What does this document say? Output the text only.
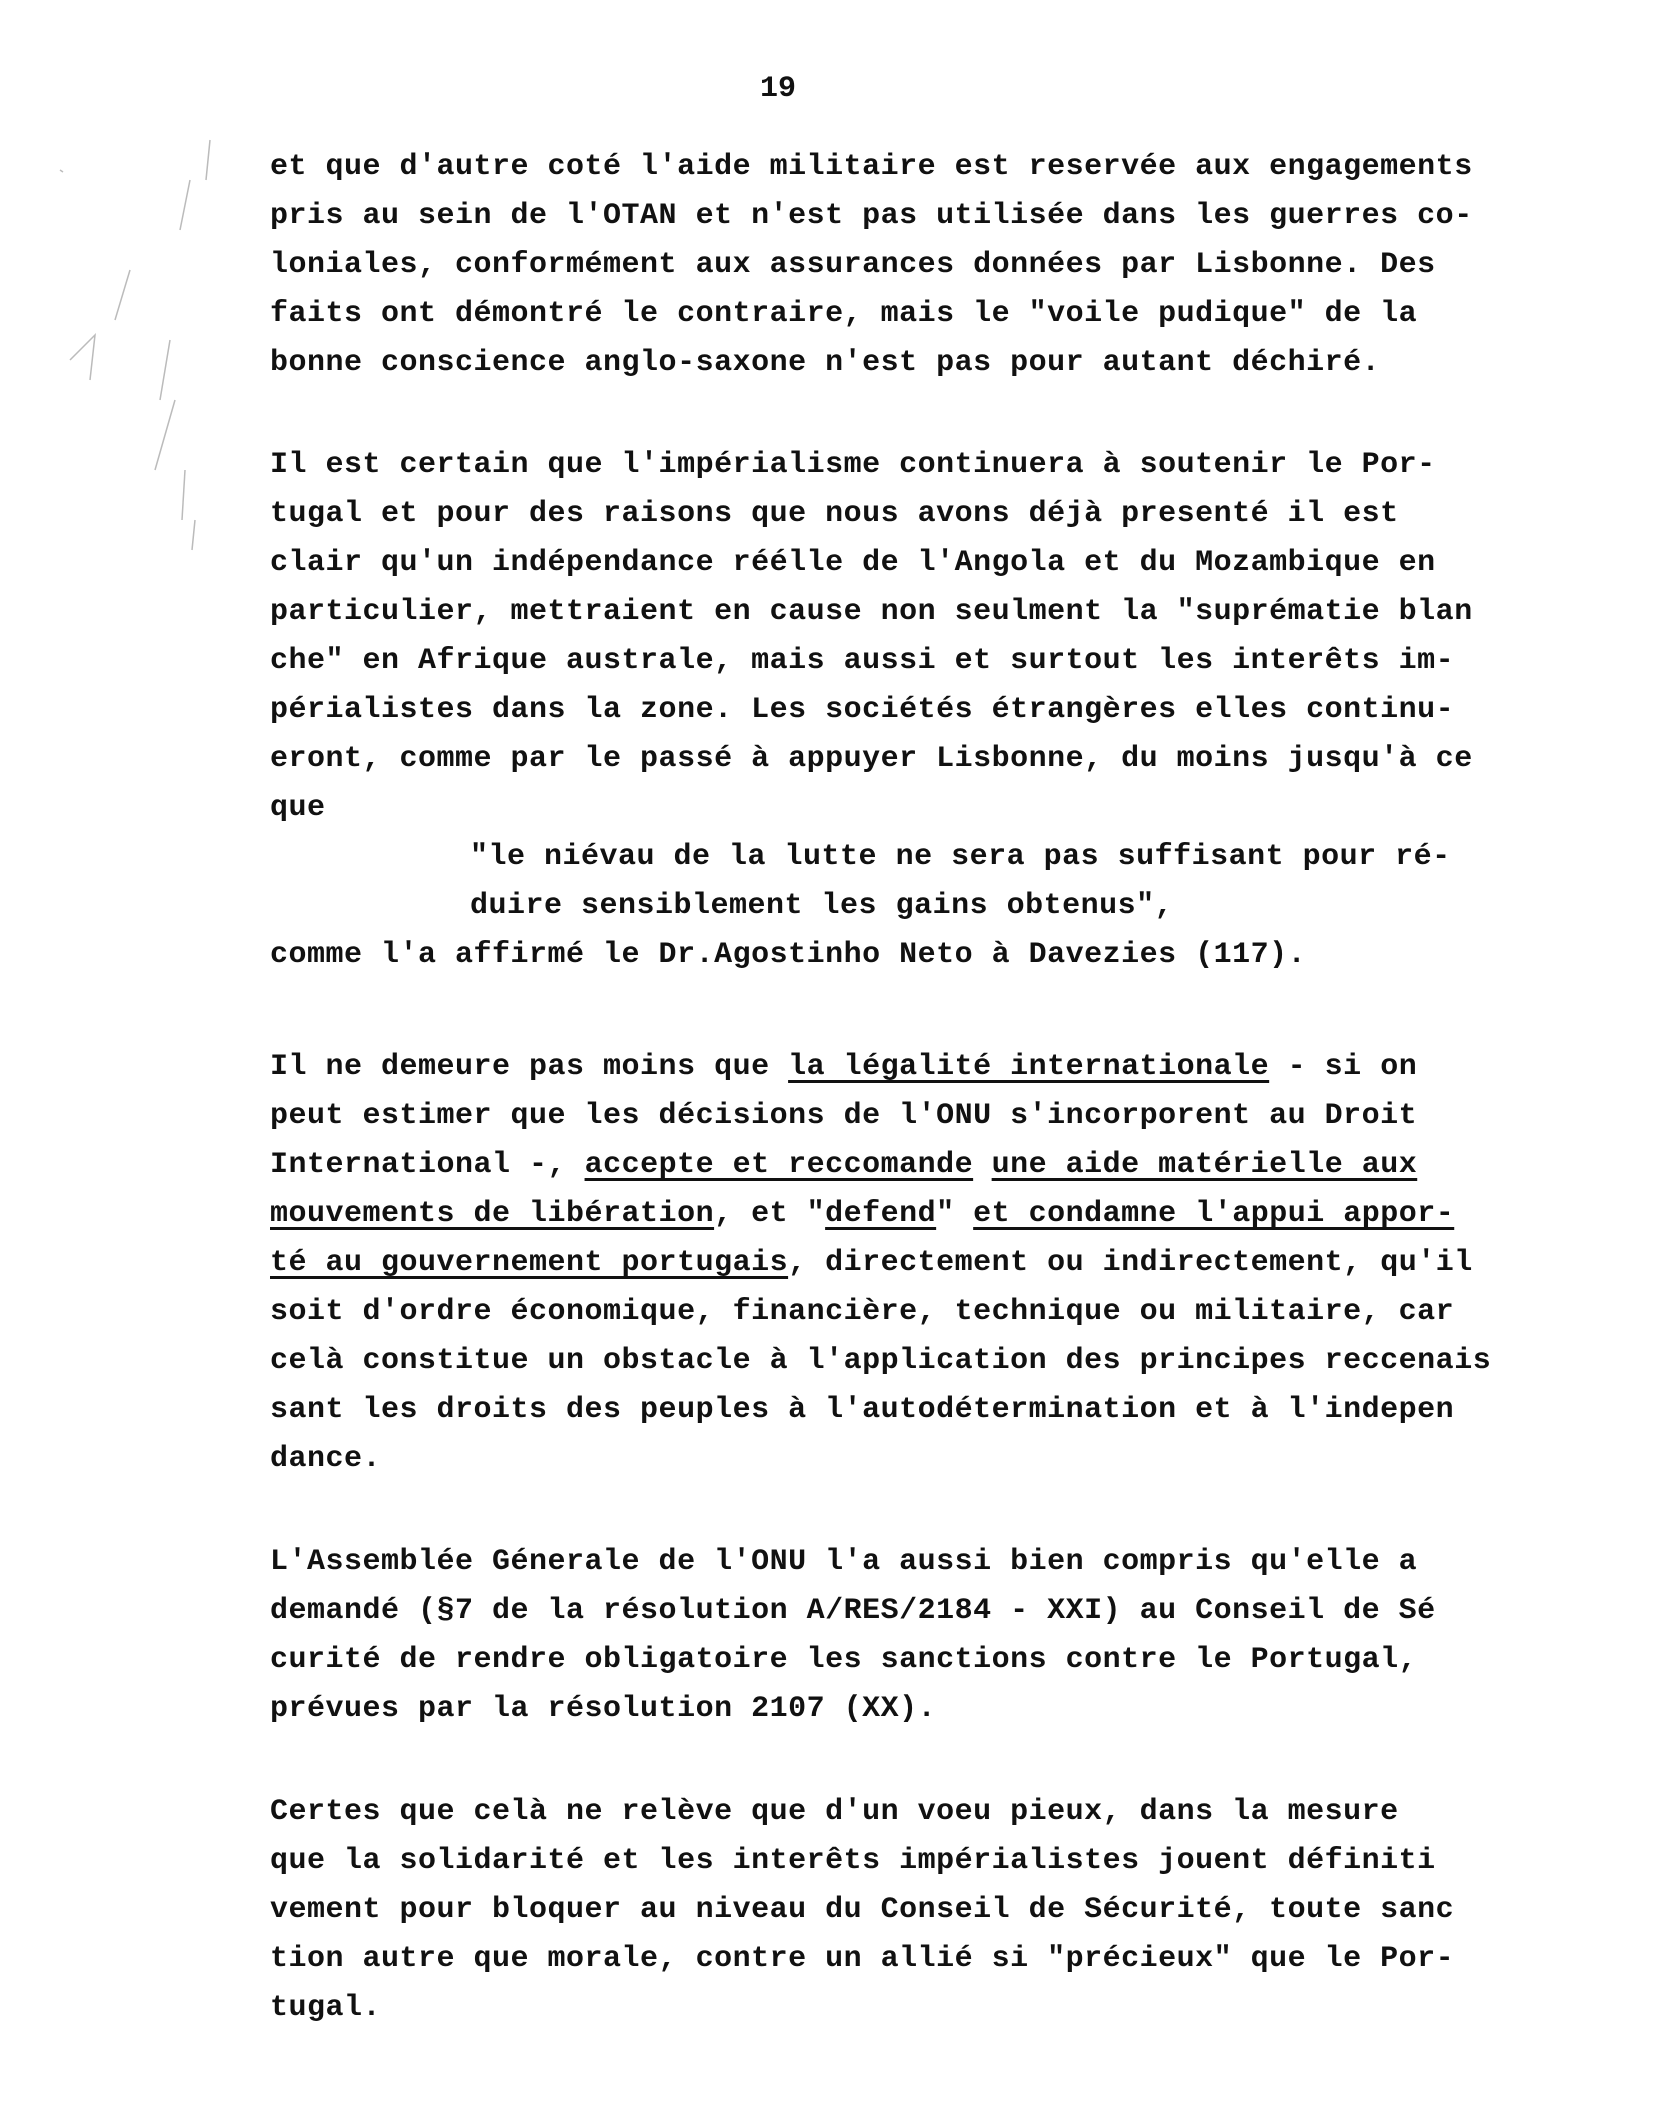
19
et que d'autre coté l'aide militaire est reservée aux engagements
pris au sein de l'OTAN et n'est pas utilisée dans les guerres co-
loniales, conformément aux assurances données par Lisbonne. Des
faits ont démontré le contraire, mais le "voile pudique" de la
bonne conscience anglo-saxone n'est pas pour autant déchiré.
Il est certain que l'impérialisme continuera à soutenir le Por-
tugal et pour des raisons que nous avons déjà presenté il est
clair qu'un indépendance réélle de l'Angola et du Mozambique en
particulier, mettraient en cause non seulment la "suprématie blan
che" en Afrique australe, mais aussi et surtout les interêts im-
périalistes dans la zone. Les sociétés étrangères elles continu-
eront, comme par le passé à appuyer Lisbonne, du moins jusqu'à ce
que
"le niévau de la lutte ne sera pas suffisant pour ré-
duire sensiblement les gains obtenus",
comme l'a affirmé le Dr.Agostinho Neto à Davezies (117).
Il ne demeure pas moins que la légalité internationale - si on
peut estimer que les décisions de l'ONU s'incorporent au Droit
International -, accepte et reccomande une aide matérielle aux
mouvements de libération, et "defend" et condamne l'appui appor-
té au gouvernement portugais, directement ou indirectement, qu'il
soit d'ordre économique, financière, technique ou militaire, car
celà constitue un obstacle à l'application des principes reccenais
sant les droits des peuples à l'autodétermination et à l'indepen
dance.
L'Assemblée Génerale de l'ONU l'a aussi bien compris qu'elle a
demandé (§7 de la résolution A/RES/2184 - XXI) au Conseil de Sé
curité de rendre obligatoire les sanctions contre le Portugal,
prévues par la résolution 2107 (XX).
Certes que celà ne relève que d'un voeu pieux, dans la mesure
que la solidarité et les interêts impérialistes jouent définiti
vement pour bloquer au niveau du Conseil de Sécurité, toute sanc
tion autre que morale, contre un allié si "précieux" que le Por-
tugal.
